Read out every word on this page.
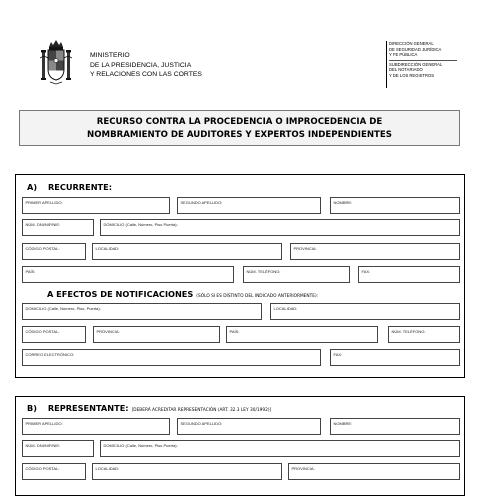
MINISTERIO
DE LA PRESIDENCIA, JUSTICIA
Y RELACIONES CON LAS CORTES
DIRECCIÓN GENERAL
DE SEGURIDAD JURÍDICA
Y FE PÚBLICA
SUBDIRECCIÓN GENERAL
DEL NOTARIADO
Y DE LOS REGISTROS
RECURSO CONTRA LA PROCEDENCIA O IMPROCEDENCIA DE
NOMBRAMIENTO DE AUDITORES Y EXPERTOS INDEPENDIENTES
A) RECURRENTE:
PRIMER APELLIDO:	SEGUNDO APELLIDO:	NOMBRE:
NÚM. DNI/NIF/NIE:	DOMICILIO (Calle, Número, Piso Puerta):
CÓDIGO POSTAL:	LOCALIDAD:	PROVINCIA:
PAÍS:	NÚM. TELÉFONO:	FAX:
A EFECTOS DE NOTIFICACIONES (SÓLO SI ES DISTINTO DEL INDICADO ANTERIORMENTE):
DOMICILIO (Calle, Número, Piso, Puerta):	LOCALIDAD:
CÓDIGO POSTAL:	PROVINCIA:	PAÍS:	NÚM. TELÉFONO:
CORREO ELECTRÓNICO:	FAX:
B) REPRESENTANTE: [DEBERÁ ACREDITAR REPRESENTACIÓN (ART. 32.3 LEY 30/1992)]
PRIMER APELLIDO:	SEGUNDO APELLIDO:	NOMBRE:
NÚM. DNI/NIF/NIE:	DOMICILIO (Calle, Número, Piso Puerta):
CÓDIGO POSTAL:	LOCALIDAD:	PROVINCIA:
